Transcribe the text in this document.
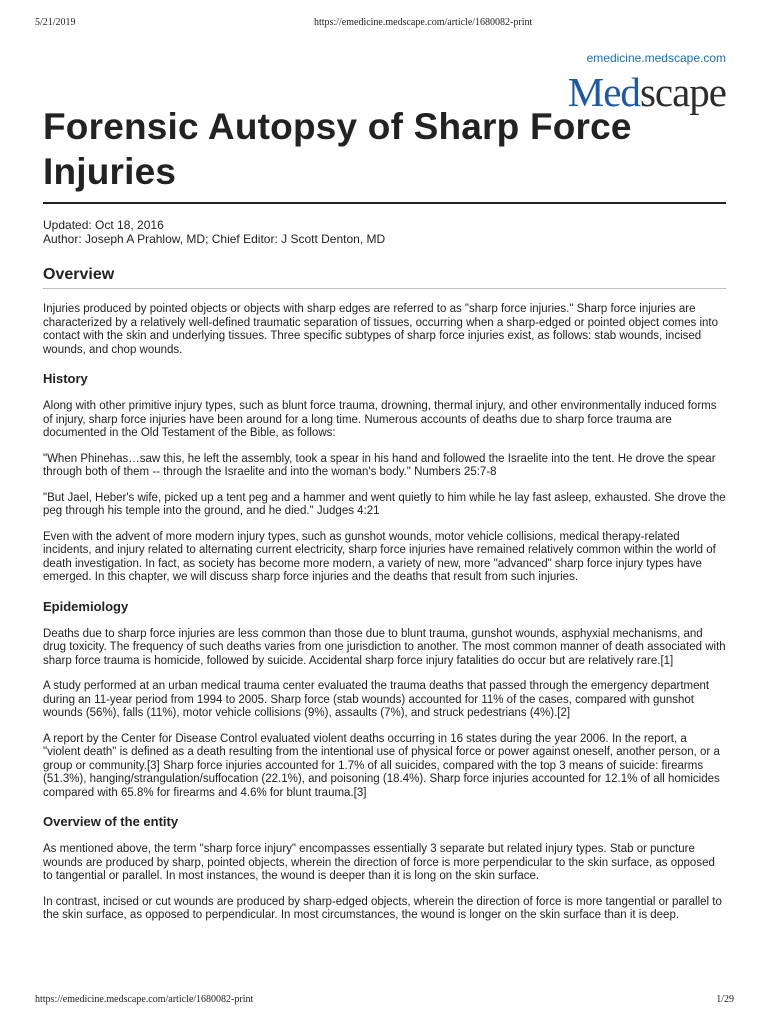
5/21/2019	https://emedicine.medscape.com/article/1680082-print
emedicine.medscape.com
Medscape
Forensic Autopsy of Sharp Force Injuries
Updated: Oct 18, 2016
Author: Joseph A Prahlow, MD; Chief Editor: J Scott Denton, MD
Overview

Injuries produced by pointed objects or objects with sharp edges are referred to as "sharp force injuries." Sharp force injuries are characterized by a relatively well-defined traumatic separation of tissues, occurring when a sharp-edged or pointed object comes into contact with the skin and underlying tissues. Three specific subtypes of sharp force injuries exist, as follows: stab wounds, incised wounds, and chop wounds.

History

Along with other primitive injury types, such as blunt force trauma, drowning, thermal injury, and other environmentally induced forms of injury, sharp force injuries have been around for a long time. Numerous accounts of deaths due to sharp force trauma are documented in the Old Testament of the Bible, as follows:

"When Phinehas…saw this, he left the assembly, took a spear in his hand and followed the Israelite into the tent. He drove the spear through both of them -- through the Israelite and into the woman's body." Numbers 25:7-8

"But Jael, Heber's wife, picked up a tent peg and a hammer and went quietly to him while he lay fast asleep, exhausted. She drove the peg through his temple into the ground, and he died." Judges 4:21

Even with the advent of more modern injury types, such as gunshot wounds, motor vehicle collisions, medical therapy-related incidents, and injury related to alternating current electricity, sharp force injuries have remained relatively common within the world of death investigation. In fact, as society has become more modern, a variety of new, more "advanced" sharp force injury types have emerged. In this chapter, we will discuss sharp force injuries and the deaths that result from such injuries.

Epidemiology

Deaths due to sharp force injuries are less common than those due to blunt trauma, gunshot wounds, asphyxial mechanisms, and drug toxicity. The frequency of such deaths varies from one jurisdiction to another. The most common manner of death associated with sharp force trauma is homicide, followed by suicide. Accidental sharp force injury fatalities do occur but are relatively rare.[1]

A study performed at an urban medical trauma center evaluated the trauma deaths that passed through the emergency department during an 11-year period from 1994 to 2005. Sharp force (stab wounds) accounted for 11% of the cases, compared with gunshot wounds (56%), falls (11%), motor vehicle collisions (9%), assaults (7%), and struck pedestrians (4%).[2]

A report by the Center for Disease Control evaluated violent deaths occurring in 16 states during the year 2006. In the report, a "violent death" is defined as a death resulting from the intentional use of physical force or power against oneself, another person, or a group or community.[3] Sharp force injuries accounted for 1.7% of all suicides, compared with the top 3 means of suicide: firearms (51.3%), hanging/strangulation/suffocation (22.1%), and poisoning (18.4%). Sharp force injuries accounted for 12.1% of all homicides compared with 65.8% for firearms and 4.6% for blunt trauma.[3]

Overview of the entity

As mentioned above, the term "sharp force injury" encompasses essentially 3 separate but related injury types. Stab or puncture wounds are produced by sharp, pointed objects, wherein the direction of force is more perpendicular to the skin surface, as opposed to tangential or parallel. In most instances, the wound is deeper than it is long on the skin surface.

In contrast, incised or cut wounds are produced by sharp-edged objects, wherein the direction of force is more tangential or parallel to the skin surface, as opposed to perpendicular. In most circumstances, the wound is longer on the skin surface than it is deep.

https://emedicine.medscape.com/article/1680082-print	1/29
